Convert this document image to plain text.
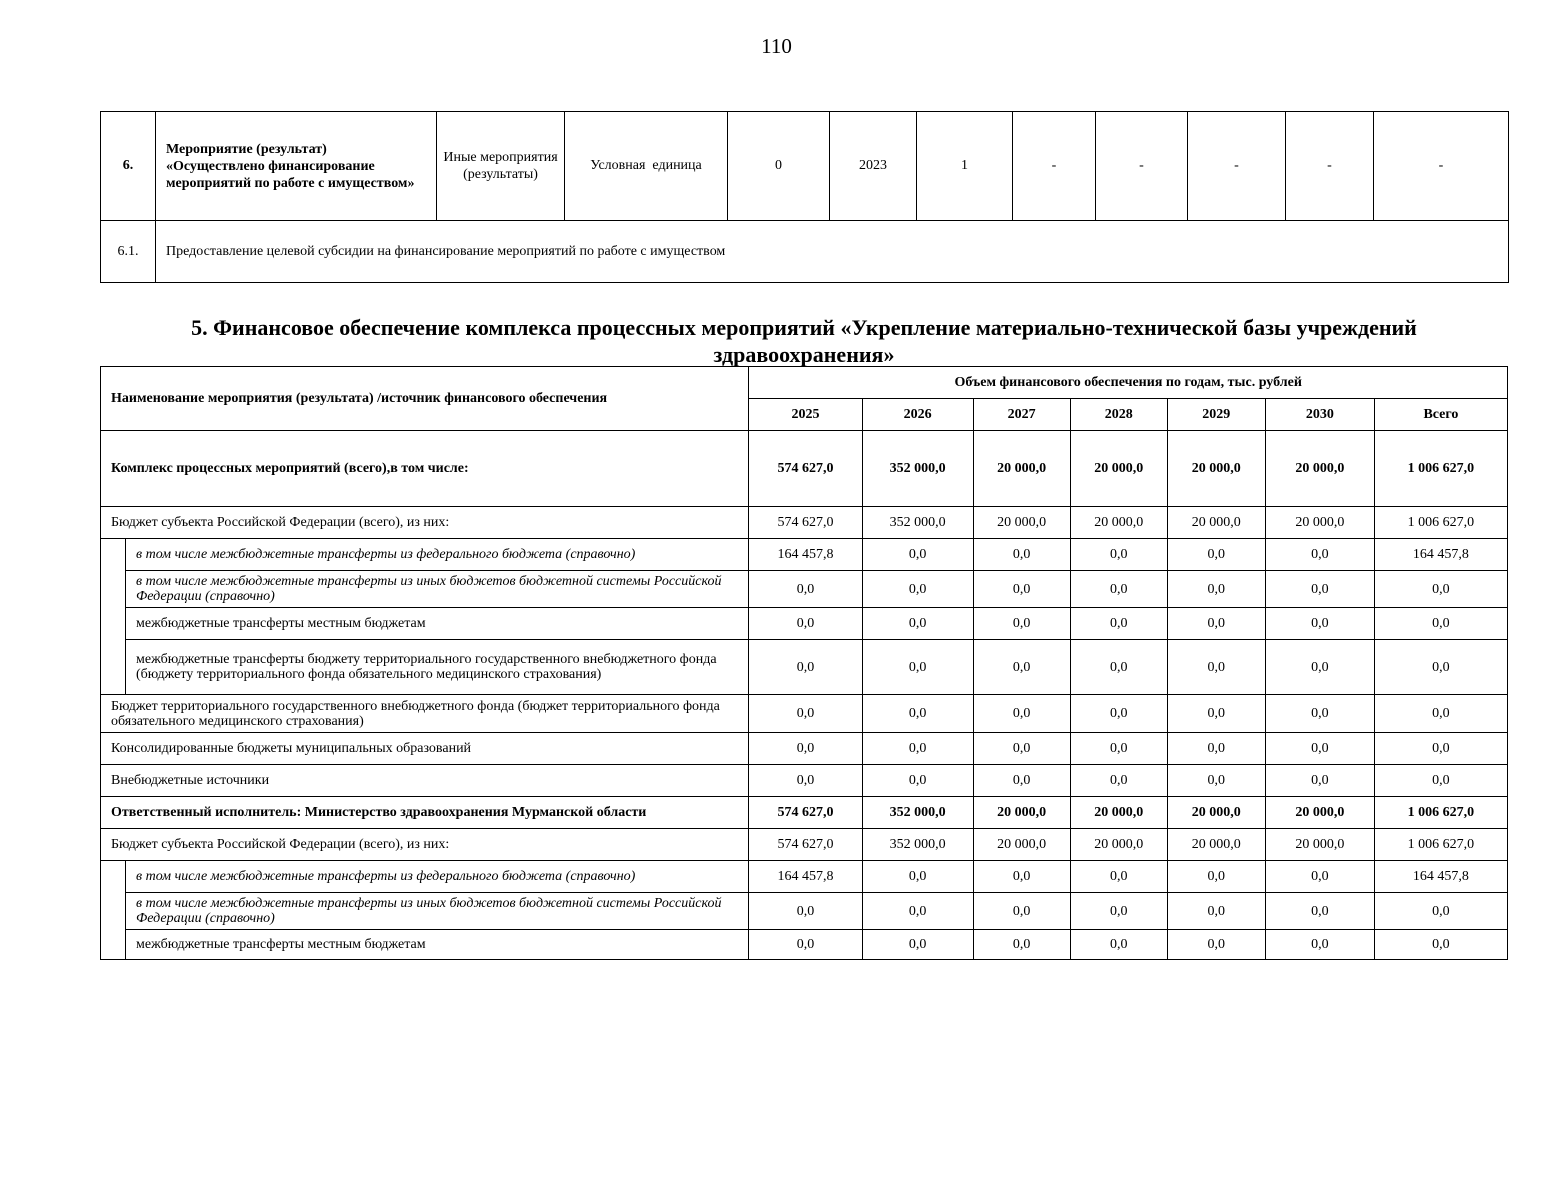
110
6.	Мероприятие (результат) «Осуществлено финансирование мероприятий по работе с имуществом»	Иные мероприятия (результаты)	Условная  единица	0	2023	1	-	-	-	-	-
6.1.	Предоставление целевой субсидии на финансирование мероприятий по работе с имуществом										
5. Финансовое обеспечение комплекса процессных мероприятий «Укрепление материально-технической базы учреждений здравоохранения»
Наименование мероприятия (результата) /источник финансового обеспечения		Объем финансового обеспечения по годам, тыс. рублей						
		2025	2026	2027	2028	2029	2030	Всего
Комплекс процессных мероприятий (всего),в том числе:		574 627,0	352 000,0	20 000,0	20 000,0	20 000,0	20 000,0	1 006 627,0
Бюджет субъекта Российской Федерации (всего), из них:		574 627,0	352 000,0	20 000,0	20 000,0	20 000,0	20 000,0	1 006 627,0
	в том числе межбюджетные трансферты из федерального бюджета (справочно)	164 457,8	0,0	0,0	0,0	0,0	0,0	164 457,8
	в том числе межбюджетные трансферты из иных бюджетов бюджетной системы Российской Федерации (справочно)	0,0	0,0	0,0	0,0	0,0	0,0	0,0
	межбюджетные трансферты местным бюджетам	0,0	0,0	0,0	0,0	0,0	0,0	0,0
	межбюджетные трансферты бюджету территориального государственного внебюджетного фонда (бюджету территориального фонда обязательного медицинского страхования)	0,0	0,0	0,0	0,0	0,0	0,0	0,0
Бюджет территориального государственного внебюджетного фонда (бюджет территориального фонда обязательного медицинского страхования)		0,0	0,0	0,0	0,0	0,0	0,0	0,0
Консолидированные бюджеты муниципальных образований		0,0	0,0	0,0	0,0	0,0	0,0	0,0
Внебюджетные источники		0,0	0,0	0,0	0,0	0,0	0,0	0,0
Ответственный исполнитель: Министерство здравоохранения Мурманской области		574 627,0	352 000,0	20 000,0	20 000,0	20 000,0	20 000,0	1 006 627,0
Бюджет субъекта Российской Федерации (всего), из них:		574 627,0	352 000,0	20 000,0	20 000,0	20 000,0	20 000,0	1 006 627,0
	в том числе межбюджетные трансферты из федерального бюджета (справочно)	164 457,8	0,0	0,0	0,0	0,0	0,0	164 457,8
	в том числе межбюджетные трансферты из иных бюджетов бюджетной системы Российской Федерации (справочно)	0,0	0,0	0,0	0,0	0,0	0,0	0,0
	межбюджетные трансферты местным бюджетам	0,0	0,0	0,0	0,0	0,0	0,0	0,0
